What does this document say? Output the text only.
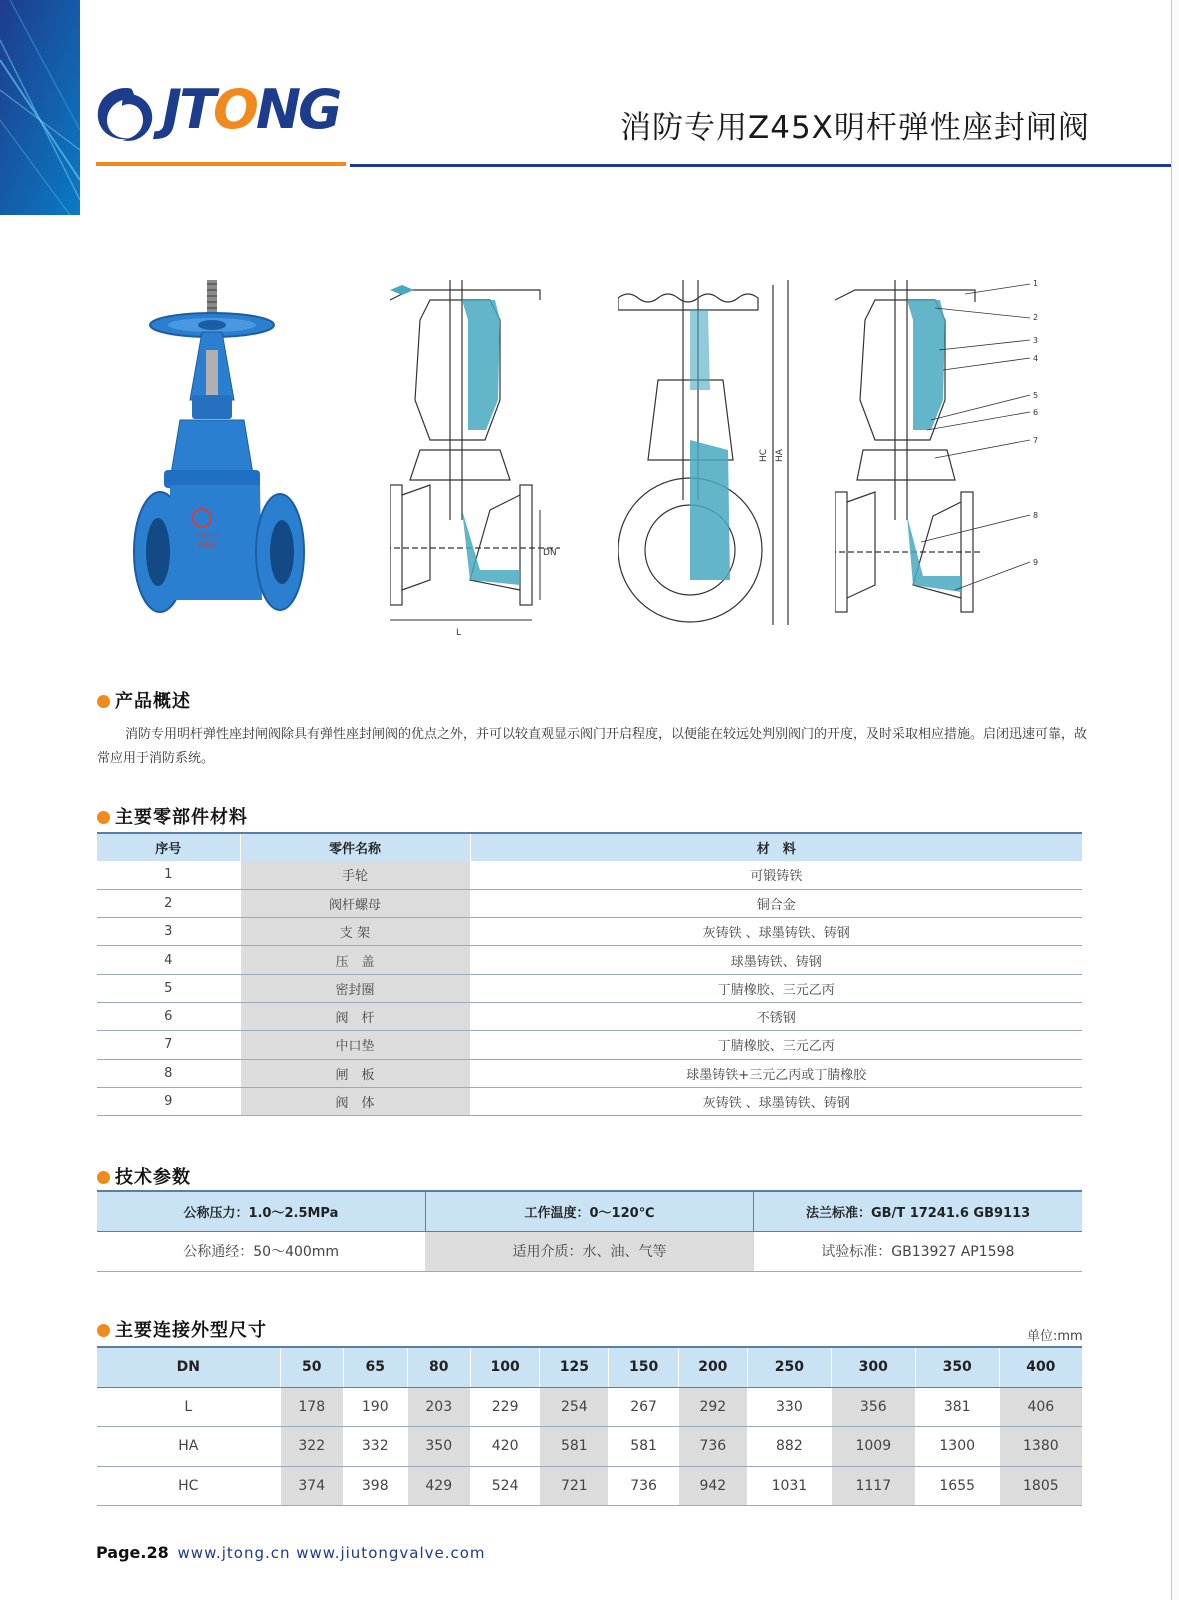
JTONG	消防专用Z45X明杆弹性座封闸阀
DN100
PN16
L
DN
HC HA
1
2
3
4
5
6
7
8
9
产品概述

消防专用明杆弹性座封闸阀除具有弹性座封闸阀的优点之外，并可以较直观显示阀门开启程度，以便能在较远处判别阀门的开度，及时采取相应措施。启闭迅速可靠，故常应用于消防系统。

主要零部件材料
序号	零件名称	材　料
1	手轮	可锻铸铁
2	阀杆螺母	铜合金
3	支 架	灰铸铁 、球墨铸铁、铸钢
4	压　盖	球墨铸铁、铸钢
5	密封圈	丁腈橡胶、三元乙丙
6	阀　杆	不锈钢
7	中口垫	丁腈橡胶、三元乙丙
8	闸　板	球墨铸铁+三元乙丙或丁腈橡胶
9	阀　体	灰铸铁 、球墨铸铁、铸钢
技术参数
公称压力：1.0～2.5MPa	工作温度：0～120℃	法兰标准：GB/T 17241.6 GB9113
公称通经：50～400mm	适用介质：水、油、气等	试验标准：GB13927 AP1598
主要连接外型尺寸	单位:mm
DN	50	65	80	100	125	150	200	250	300	350	400
L	178	190	203	229	254	267	292	330	356	381	406
HA	322	332	350	420	581	581	736	882	1009	1300	1380
HC	374	398	429	524	721	736	942	1031	1117	1655	1805
Page.28 www.jtong.cn www.jiutongvalve.com
